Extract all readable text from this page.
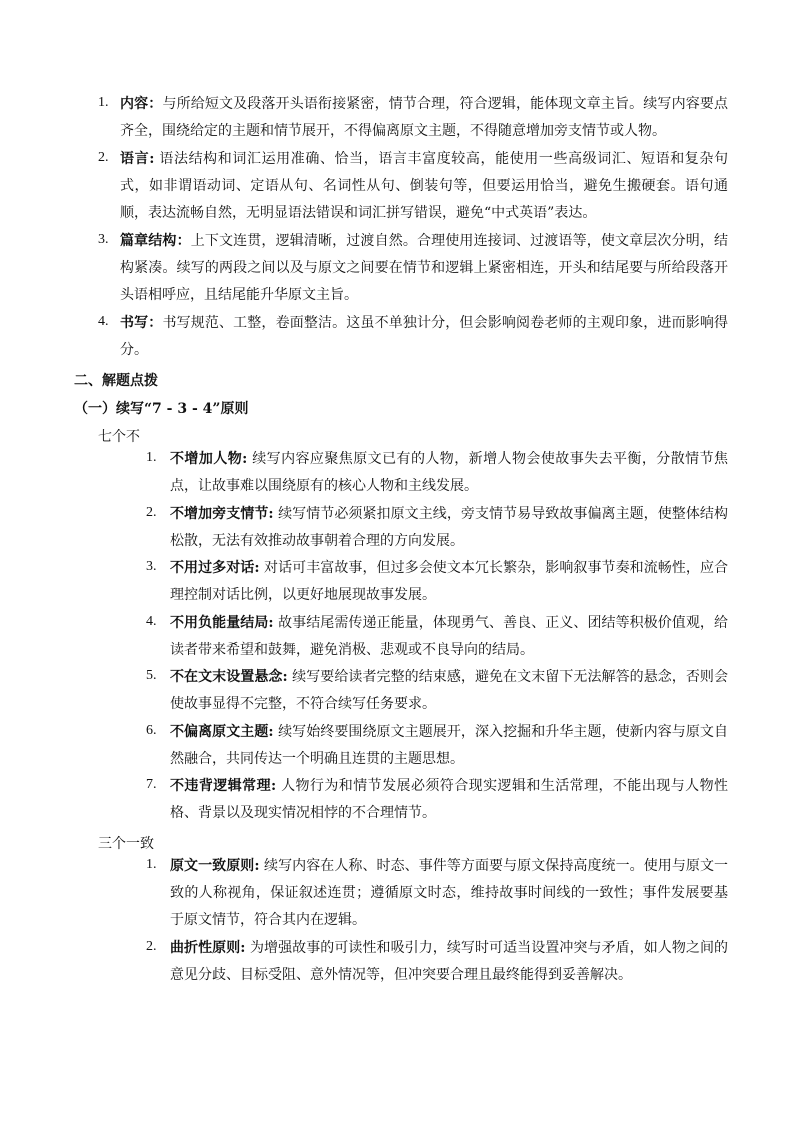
1. 内容：与所给短文及段落开头语衔接紧密，情节合理，符合逻辑，能体现文章主旨。续写内容要点齐全，围绕给定的主题和情节展开，不得偏离原文主题，不得随意增加旁支情节或人物。
2. 语言: 语法结构和词汇运用准确、恰当，语言丰富度较高，能使用一些高级词汇、短语和复杂句式，如非谓语动词、定语从句、名词性从句、倒装句等，但要运用恰当，避免生搬硬套。语句通顺，表达流畅自然，无明显语法错误和词汇拼写错误，避免“中式英语”表达。
3. 篇章结构：上下文连贯，逻辑清晰，过渡自然。合理使用连接词、过渡语等，使文章层次分明，结构紧凑。续写的两段之间以及与原文之间要在情节和逻辑上紧密相连，开头和结尾要与所给段落开头语相呼应，且结尾能升华原文主旨。
4. 书写：书写规范、工整，卷面整洁。这虽不单独计分，但会影响阅卷老师的主观印象，进而影响得分。
二、解题点拨
（一）续写“7 - 3 - 4”原则
七个不
1. 不增加人物: 续写内容应聚焦原文已有的人物，新增人物会使故事失去平衡，分散情节焦点，让故事难以围绕原有的核心人物和主线发展。
2. 不增加旁支情节: 续写情节必须紧扣原文主线，旁支情节易导致故事偏离主题，使整体结构松散，无法有效推动故事朝着合理的方向发展。
3. 不用过多对话: 对话可丰富故事，但过多会使文本冗长繁杂，影响叙事节奏和流畅性，应合理控制对话比例，以更好地展现故事发展。
4. 不用负能量结局: 故事结尾需传递正能量，体现勇气、善良、正义、团结等积极价值观，给读者带来希望和鼓舞，避免消极、悲观或不良导向的结局。
5. 不在文末设置悬念: 续写要给读者完整的结束感，避免在文末留下无法解答的悬念，否则会使故事显得不完整，不符合续写任务要求。
6. 不偏离原文主题: 续写始终要围绕原文主题展开，深入挖掘和升华主题，使新内容与原文自然融合，共同传达一个明确且连贯的主题思想。
7. 不违背逻辑常理: 人物行为和情节发展必须符合现实逻辑和生活常理，不能出现与人物性格、背景以及现实情况相悖的不合理情节。
三个一致
1. 原文一致原则: 续写内容在人称、时态、事件等方面要与原文保持高度统一。使用与原文一致的人称视角，保证叙述连贯；遵循原文时态，维持故事时间线的一致性；事件发展要基于原文情节，符合其内在逻辑。
2. 曲折性原则: 为增强故事的可读性和吸引力，续写时可适当设置冲突与矛盾，如人物之间的意见分歧、目标受阻、意外情况等，但冲突要合理且最终能得到妥善解决。
